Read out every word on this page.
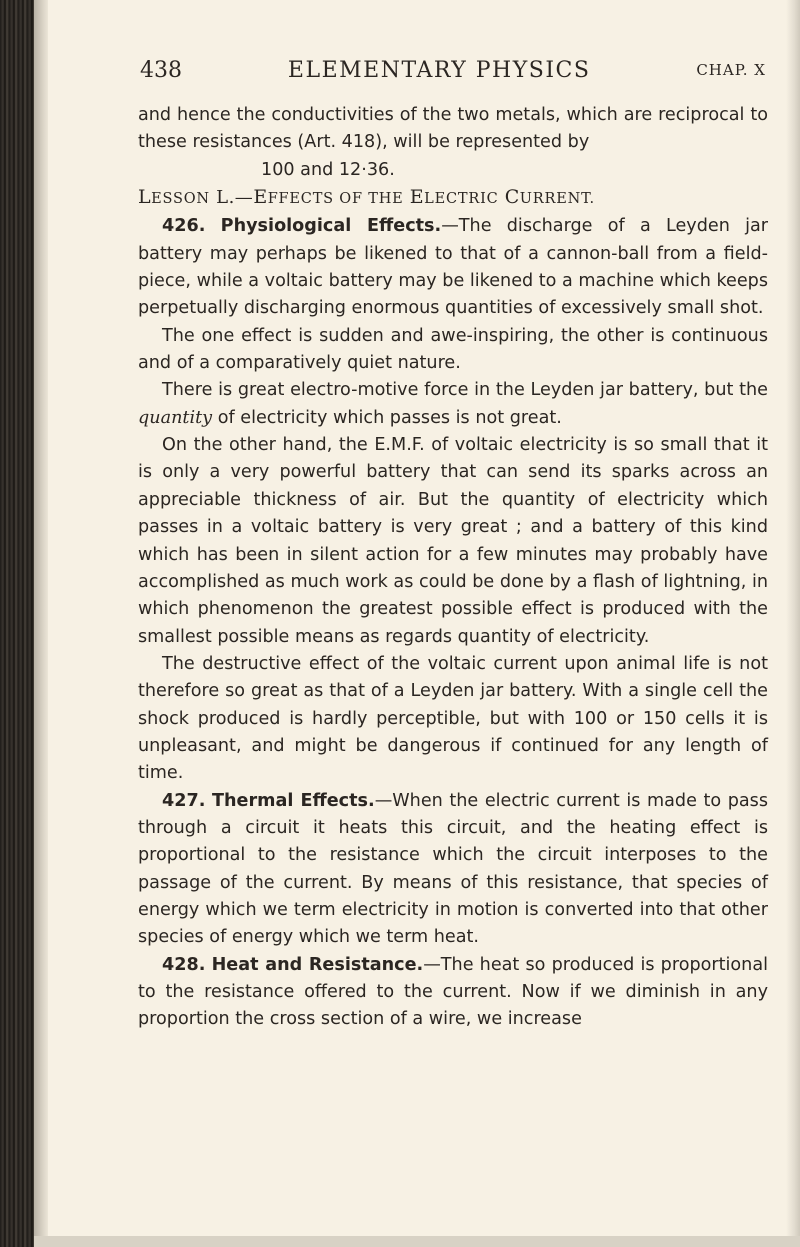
438	ELEMENTARY PHYSICS	CHAP. X

and hence the conductivities of the two metals, which are reciprocal to these resistances (Art. 418), will be represented by

100 and 12·36.

LESSON L.—EFFECTS OF THE ELECTRIC CURRENT.

426. Physiological Effects.—The discharge of a Leyden jar battery may perhaps be likened to that of a cannon-ball from a field-piece, while a voltaic battery may be likened to a machine which keeps perpetually discharging enormous quantities of excessively small shot.

The one effect is sudden and awe-inspiring, the other is continuous and of a comparatively quiet nature.

There is great electro-motive force in the Leyden jar battery, but the quantity of electricity which passes is not great.

On the other hand, the E.M.F. of voltaic electricity is so small that it is only a very powerful battery that can send its sparks across an appreciable thickness of air. But the quantity of electricity which passes in a voltaic battery is very great ; and a battery of this kind which has been in silent action for a few minutes may probably have accomplished as much work as could be done by a flash of lightning, in which phenomenon the greatest possible effect is produced with the smallest possible means as regards quantity of electricity.

The destructive effect of the voltaic current upon animal life is not therefore so great as that of a Leyden jar battery. With a single cell the shock produced is hardly perceptible, but with 100 or 150 cells it is unpleasant, and might be dangerous if continued for any length of time.

427. Thermal Effects.—When the electric current is made to pass through a circuit it heats this circuit, and the heating effect is proportional to the resistance which the circuit interposes to the passage of the current. By means of this resistance, that species of energy which we term electricity in motion is converted into that other species of energy which we term heat.

428. Heat and Resistance.—The heat so produced is proportional to the resistance offered to the current. Now if we diminish in any proportion the cross section of a wire, we increase
